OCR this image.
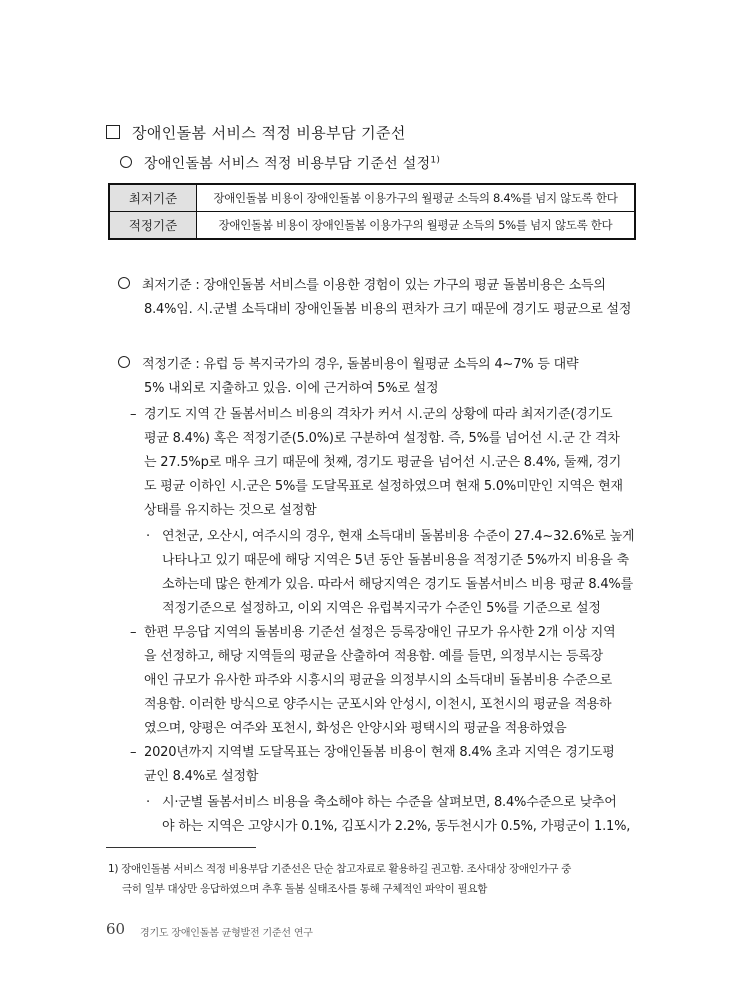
장애인돌봄 서비스 적정 비용부담 기준선
장애인돌봄 서비스 적정 비용부담 기준선 설정$^{1)}$
최저기준	장애인돌봄 비용이 장애인돌봄 이용가구의 월평균 소득의 8.4%를 넘지 않도록 한다
적정기준	장애인돌봄 비용이 장애인돌봄 이용가구의 월평균 소득의 5%를 넘지 않도록 한다
최저기준 : 장애인돌봄 서비스를 이용한 경험이 있는 가구의 평균 돌봄비용은 소득의
8.4%임. 시.군별 소득대비 장애인돌봄 비용의 편차가 크기 때문에 경기도 평균으로 설정
적정기준 : 유럽 등 복지국가의 경우, 돌봄비용이 월평균 소득의 4~7% 등 대략
5% 내외로 지출하고 있음. 이에 근거하여 5%로 설정
– 경기도 지역 간 돌봄서비스 비용의 격차가 커서 시.군의 상황에 따라 최저기준(경기도
평균 8.4%) 혹은 적정기준(5.0%)로 구분하여 설정함. 즉, 5%를 넘어선 시.군 간 격차
는 27.5%p로 매우 크기 때문에 첫째, 경기도 평균을 넘어선 시.군은 8.4%, 둘째, 경기
도 평균 이하인 시.군은 5%를 도달목표로 설정하였으며 현재 5.0%미만인 지역은 현재
상태를 유지하는 것으로 설정함
· 연천군, 오산시, 여주시의 경우, 현재 소득대비 돌봄비용 수준이 27.4~32.6%로 높게
나타나고 있기 때문에 해당 지역은 5년 동안 돌봄비용을 적정기준 5%까지 비용을 축
소하는데 많은 한계가 있음. 따라서 해당지역은 경기도 돌봄서비스 비용 평균 8.4%를
적정기준으로 설정하고, 이외 지역은 유럽복지국가 수준인 5%를 기준으로 설정
– 한편 무응답 지역의 돌봄비용 기준선 설정은 등록장애인 규모가 유사한 2개 이상 지역
을 선정하고, 해당 지역들의 평균을 산출하여 적용함. 예를 들면, 의정부시는 등록장
애인 규모가 유사한 파주와 시흥시의 평균을 의정부시의 소득대비 돌봄비용 수준으로
적용함. 이러한 방식으로 양주시는 군포시와 안성시, 이천시, 포천시의 평균을 적용하
였으며, 양평은 여주와 포천시, 화성은 안양시와 평택시의 평균을 적용하였음
– 2020년까지 지역별 도달목표는 장애인돌봄 비용이 현재 8.4% 초과 지역은 경기도평
균인 8.4%로 설정함
· 시·군별 돌봄서비스 비용을 축소해야 하는 수준을 살펴보면, 8.4%수준으로 낮추어
야 하는 지역은 고양시가 0.1%, 김포시가 2.2%, 동두천시가 0.5%, 가평군이 1.1%,
1) 장애인돌봄 서비스 적정 비용부담 기준선은 단순 참고자료로 활용하길 권고함. 조사대상 장애인가구 중
극히 일부 대상만 응답하였으며 추후 돌봄 실태조사를 통해 구체적인 파악이 필요함
60 경기도 장애인돌봄 균형발전 기준선 연구
